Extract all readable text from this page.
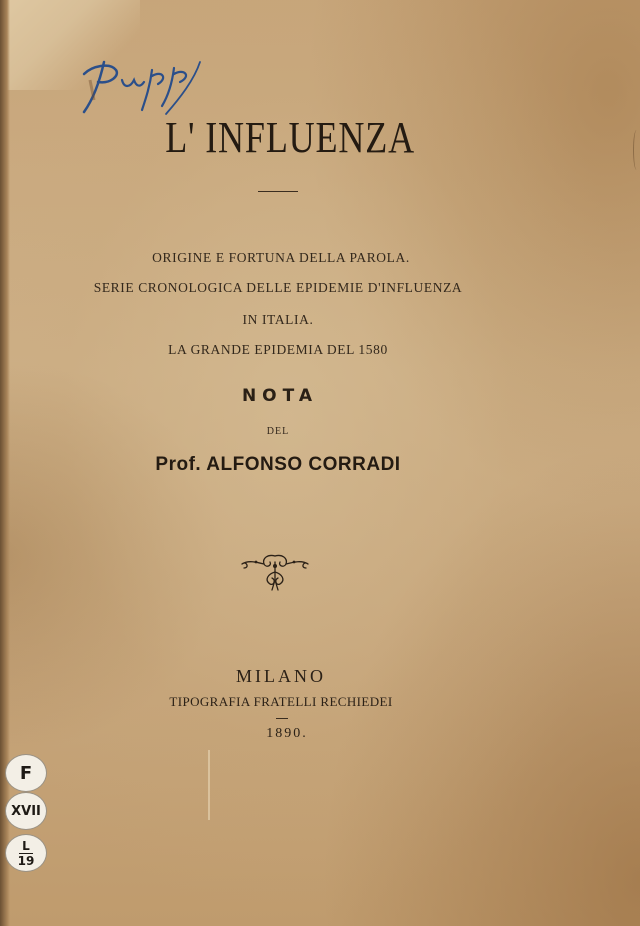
L' INFLUENZA
ORIGINE E FORTUNA DELLA PAROLA.
SERIE CRONOLOGICA DELLE EPIDEMIE D'INFLUENZA
IN ITALIA.
LA GRANDE EPIDEMIA DEL 1580
NOTA
DEL
Prof. ALFONSO CORRADI
MILANO
TIPOGRAFIA FRATELLI RECHIEDEI
1890.
F
XVII
L
19
